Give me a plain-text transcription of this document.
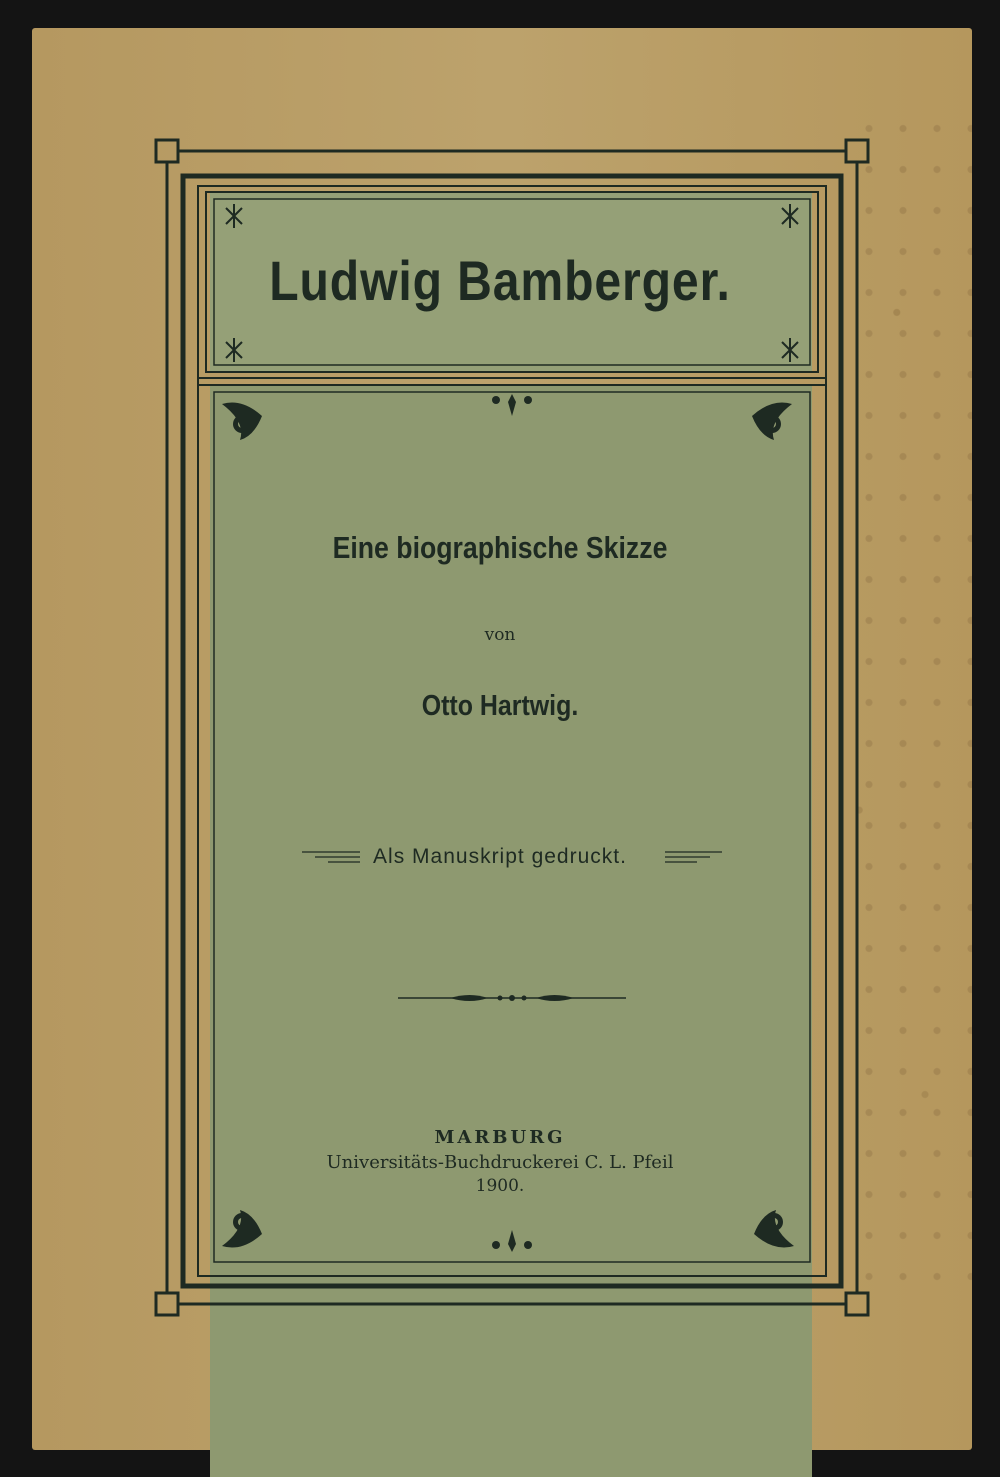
Ludwig Bamberger.
Eine biographische Skizze
von
Otto Hartwig.
Als Manuskript gedruckt.
MARBURG
Universitäts-Buchdruckerei C. L. Pfeil
1900.
